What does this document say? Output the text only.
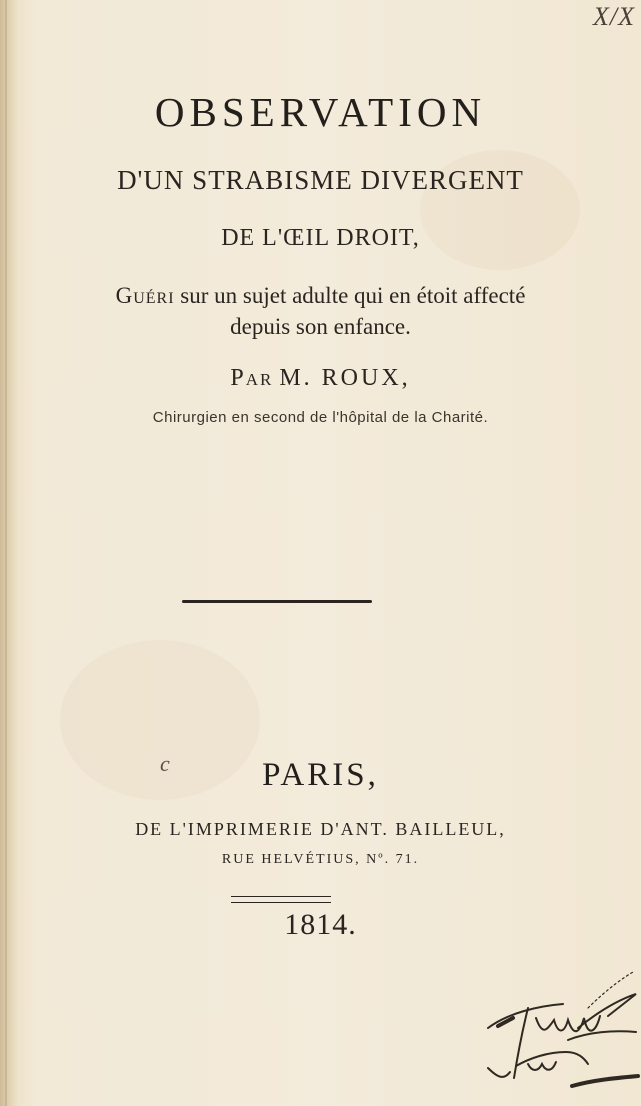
X/X
OBSERVATION
D'UN STRABISME DIVERGENT
DE L'ŒIL DROIT,
Guéri sur un sujet adulte qui en étoit affecté
depuis son enfance.
Par M. ROUX,
Chirurgien en second de l'hôpital de la Charité.
c	PARIS,
DE L'IMPRIMERIE D'ANT. BAILLEUL,
RUE HELVÉTIUS, Nº. 71.
1814.
